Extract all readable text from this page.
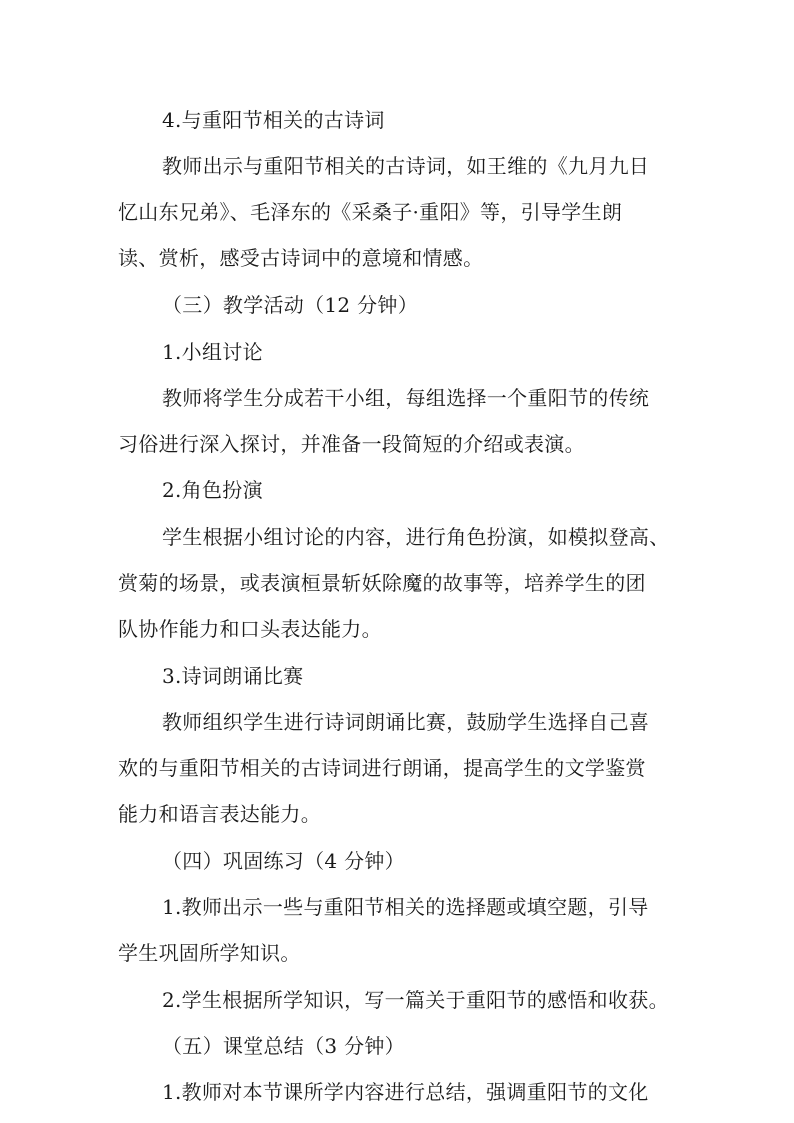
4.与重阳节相关的古诗词

教师出示与重阳节相关的古诗词，如王维的《九月九日
忆山东兄弟》、毛泽东的《采桑子·重阳》等，引导学生朗
读、赏析，感受古诗词中的意境和情感。

（三）教学活动（12 分钟）

1.小组讨论

教师将学生分成若干小组，每组选择一个重阳节的传统
习俗进行深入探讨，并准备一段简短的介绍或表演。

2.角色扮演

学生根据小组讨论的内容，进行角色扮演，如模拟登高、
赏菊的场景，或表演桓景斩妖除魔的故事等，培养学生的团
队协作能力和口头表达能力。

3.诗词朗诵比赛

教师组织学生进行诗词朗诵比赛，鼓励学生选择自己喜
欢的与重阳节相关的古诗词进行朗诵，提高学生的文学鉴赏
能力和语言表达能力。

（四）巩固练习（4 分钟）

1.教师出示一些与重阳节相关的选择题或填空题，引导
学生巩固所学知识。

2.学生根据所学知识，写一篇关于重阳节的感悟和收获。

（五）课堂总结（3 分钟）

1.教师对本节课所学内容进行总结，强调重阳节的文化
